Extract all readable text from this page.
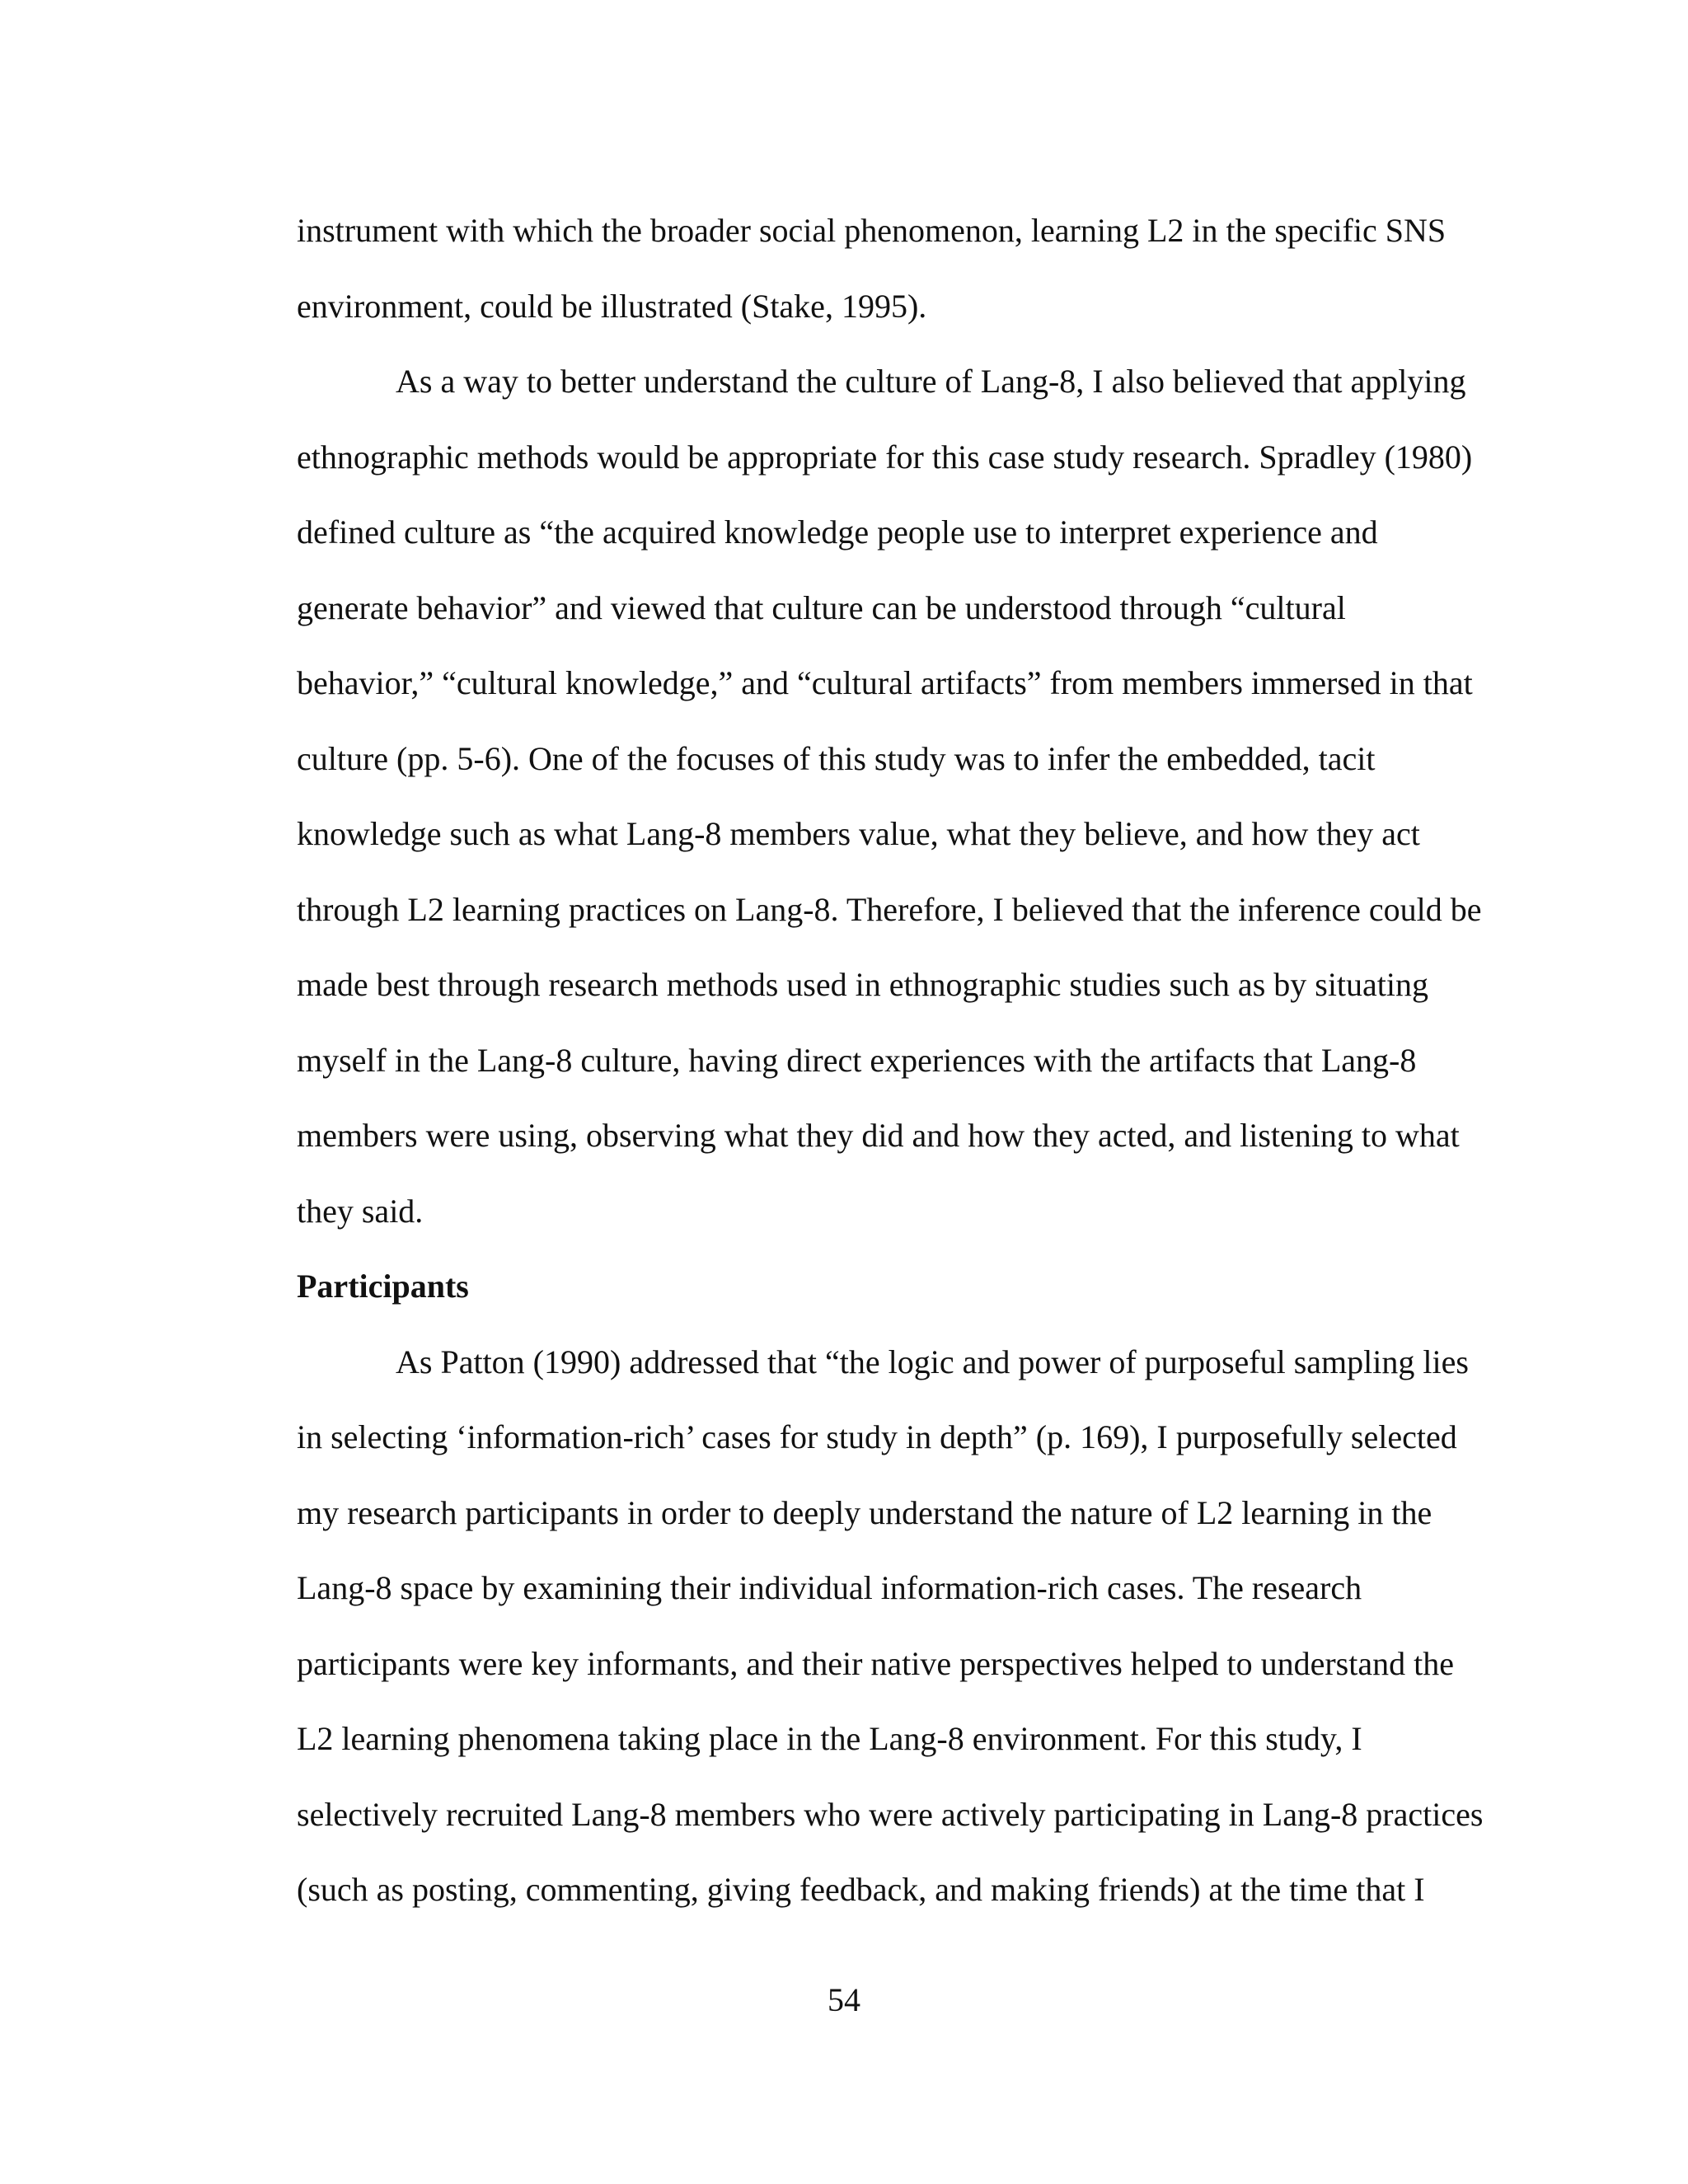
instrument with which the broader social phenomenon, learning L2 in the specific SNS
environment, could be illustrated (Stake, 1995).
As a way to better understand the culture of Lang-8, I also believed that applying
ethnographic methods would be appropriate for this case study research. Spradley (1980)
defined culture as “the acquired knowledge people use to interpret experience and
generate behavior” and viewed that culture can be understood through “cultural
behavior,” “cultural knowledge,” and “cultural artifacts” from members immersed in that
culture (pp. 5-6). One of the focuses of this study was to infer the embedded, tacit
knowledge such as what Lang-8 members value, what they believe, and how they act
through L2 learning practices on Lang-8. Therefore, I believed that the inference could be
made best through research methods used in ethnographic studies such as by situating
myself in the Lang-8 culture, having direct experiences with the artifacts that Lang-8
members were using, observing what they did and how they acted, and listening to what
they said.
Participants
As Patton (1990) addressed that “the logic and power of purposeful sampling lies
in selecting ‘information-rich’ cases for study in depth” (p. 169), I purposefully selected
my research participants in order to deeply understand the nature of L2 learning in the
Lang-8 space by examining their individual information-rich cases. The research
participants were key informants, and their native perspectives helped to understand the
L2 learning phenomena taking place in the Lang-8 environment. For this study, I
selectively recruited Lang-8 members who were actively participating in Lang-8 practices
(such as posting, commenting, giving feedback, and making friends) at the time that I
54
